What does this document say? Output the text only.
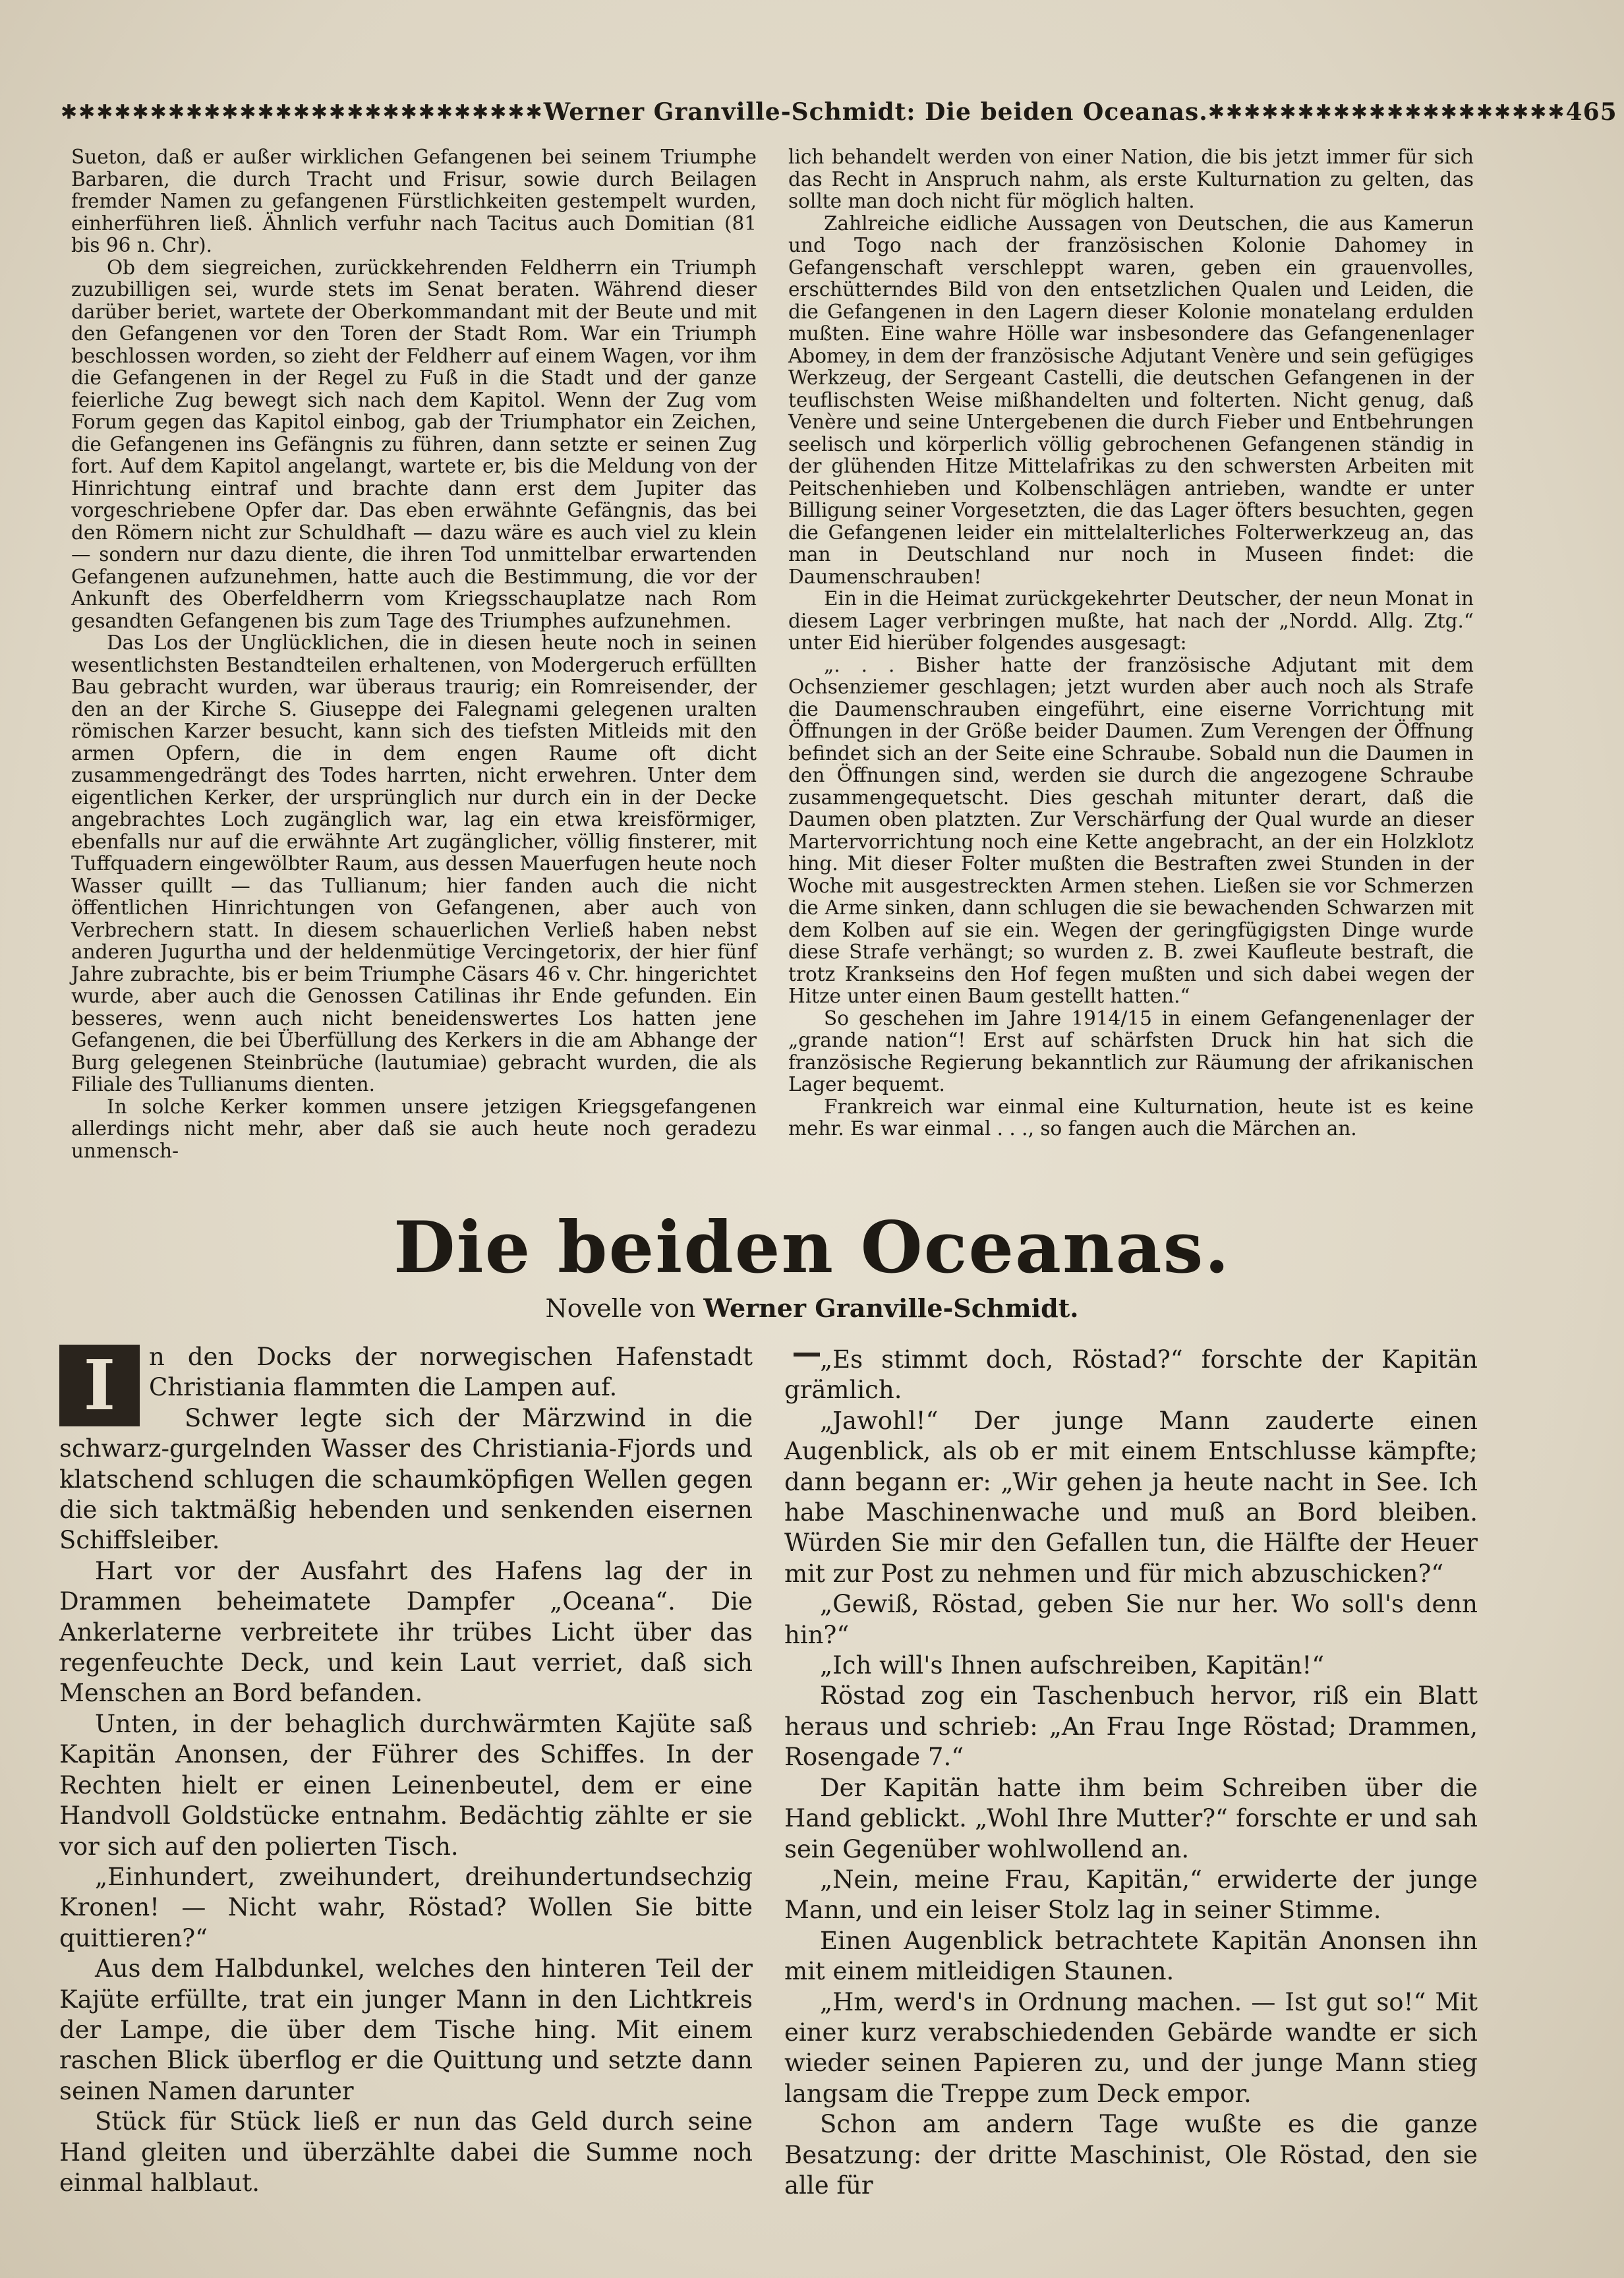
✱✱✱✱✱✱✱✱✱✱✱✱✱✱✱✱✱✱✱✱✱✱✱✱✱✱✱ Werner Granville-Schmidt: Die beiden Oceanas. ✱✱✱✱✱✱✱✱✱✱✱✱✱✱✱✱✱✱✱✱ 465

Sueton, daß er außer wirklichen Gefangenen bei seinem Triumphe Barbaren, die durch Tracht und Frisur, sowie durch Beilagen fremder Namen zu gefangenen Fürstlichkeiten gestempelt wurden, einherführen ließ. Ähnlich verfuhr nach Tacitus auch Domitian (81 bis 96 n. Chr).

Ob dem siegreichen, zurückkehrenden Feldherrn ein Triumph zuzubilligen sei, wurde stets im Senat beraten. Während dieser darüber beriet, wartete der Oberkommandant mit der Beute und mit den Gefangenen vor den Toren der Stadt Rom. War ein Triumph beschlossen worden, so zieht der Feldherr auf einem Wagen, vor ihm die Gefangenen in der Regel zu Fuß in die Stadt und der ganze feierliche Zug bewegt sich nach dem Kapitol. Wenn der Zug vom Forum gegen das Kapitol einbog, gab der Triumphator ein Zeichen, die Gefangenen ins Gefängnis zu führen, dann setzte er seinen Zug fort. Auf dem Kapitol angelangt, wartete er, bis die Meldung von der Hinrichtung eintraf und brachte dann erst dem Jupiter das vorgeschriebene Opfer dar. Das eben erwähnte Gefängnis, das bei den Römern nicht zur Schuldhaft — dazu wäre es auch viel zu klein — sondern nur dazu diente, die ihren Tod unmittelbar erwartenden Gefangenen aufzunehmen, hatte auch die Bestimmung, die vor der Ankunft des Oberfeldherrn vom Kriegsschauplatze nach Rom gesandten Gefangenen bis zum Tage des Triumphes aufzunehmen.

Das Los der Unglücklichen, die in diesen heute noch in seinen wesentlichsten Bestandteilen erhaltenen, von Modergeruch erfüllten Bau gebracht wurden, war überaus traurig; ein Romreisender, der den an der Kirche S. Giuseppe dei Falegnami gelegenen uralten römischen Karzer besucht, kann sich des tiefsten Mitleids mit den armen Opfern, die in dem engen Raume oft dicht zusammengedrängt des Todes harrten, nicht erwehren. Unter dem eigentlichen Kerker, der ursprünglich nur durch ein in der Decke angebrachtes Loch zugänglich war, lag ein etwa kreisförmiger, ebenfalls nur auf die erwähnte Art zugänglicher, völlig finsterer, mit Tuffquadern eingewölbter Raum, aus dessen Mauerfugen heute noch Wasser quillt — das Tullianum; hier fanden auch die nicht öffentlichen Hinrichtungen von Gefangenen, aber auch von Verbrechern statt. In diesem schauerlichen Verließ haben nebst anderen Jugurtha und der heldenmütige Vercingetorix, der hier fünf Jahre zubrachte, bis er beim Triumphe Cäsars 46 v. Chr. hingerichtet wurde, aber auch die Genossen Catilinas ihr Ende gefunden. Ein besseres, wenn auch nicht beneidenswertes Los hatten jene Gefangenen, die bei Überfüllung des Kerkers in die am Abhange der Burg gelegenen Steinbrüche (lautumiae) gebracht wurden, die als Filiale des Tullianums dienten.

In solche Kerker kommen unsere jetzigen Kriegsgefangenen allerdings nicht mehr, aber daß sie auch heute noch geradezu unmensch-

lich behandelt werden von einer Nation, die bis jetzt immer für sich das Recht in Anspruch nahm, als erste Kulturnation zu gelten, das sollte man doch nicht für möglich halten.

Zahlreiche eidliche Aussagen von Deutschen, die aus Kamerun und Togo nach der französischen Kolonie Dahomey in Gefangenschaft verschleppt waren, geben ein grauenvolles, erschütterndes Bild von den entsetzlichen Qualen und Leiden, die die Gefangenen in den Lagern dieser Kolonie monatelang erdulden mußten. Eine wahre Hölle war insbesondere das Gefangenenlager Abomey, in dem der französische Adjutant Venère und sein gefügiges Werkzeug, der Sergeant Castelli, die deutschen Gefangenen in der teuflischsten Weise mißhandelten und folterten. Nicht genug, daß Venère und seine Untergebenen die durch Fieber und Entbehrungen seelisch und körperlich völlig gebrochenen Gefangenen ständig in der glühenden Hitze Mittelafrikas zu den schwersten Arbeiten mit Peitschenhieben und Kolbenschlägen antrieben, wandte er unter Billigung seiner Vorgesetzten, die das Lager öfters besuchten, gegen die Gefangenen leider ein mittelalterliches Folterwerkzeug an, das man in Deutschland nur noch in Museen findet: die Daumenschrauben!

Ein in die Heimat zurückgekehrter Deutscher, der neun Monat in diesem Lager verbringen mußte, hat nach der „Nordd. Allg. Ztg.“ unter Eid hierüber folgendes ausgesagt:

„. . . Bisher hatte der französische Adjutant mit dem Ochsenziemer geschlagen; jetzt wurden aber auch noch als Strafe die Daumenschrauben eingeführt, eine eiserne Vorrichtung mit Öffnungen in der Größe beider Daumen. Zum Verengen der Öffnung befindet sich an der Seite eine Schraube. Sobald nun die Daumen in den Öffnungen sind, werden sie durch die angezogene Schraube zusammengequetscht. Dies geschah mitunter derart, daß die Daumen oben platzten. Zur Verschärfung der Qual wurde an dieser Martervorrichtung noch eine Kette angebracht, an der ein Holzklotz hing. Mit dieser Folter mußten die Bestraften zwei Stunden in der Woche mit ausgestreckten Armen stehen. Ließen sie vor Schmerzen die Arme sinken, dann schlugen die sie bewachenden Schwarzen mit dem Kolben auf sie ein. Wegen der geringfügigsten Dinge wurde diese Strafe verhängt; so wurden z. B. zwei Kaufleute bestraft, die trotz Krankseins den Hof fegen mußten und sich dabei wegen der Hitze unter einen Baum gestellt hatten.“

So geschehen im Jahre 1914/15 in einem Gefangenenlager der „grande nation“! Erst auf schärfsten Druck hin hat sich die französische Regierung bekanntlich zur Räumung der afrikanischen Lager bequemt.

Frankreich war einmal eine Kulturnation, heute ist es keine mehr. Es war einmal . . ., so fangen auch die Märchen an.

Die beiden Oceanas.
Novelle von Werner Granville-Schmidt.

I	n den Docks der norwegischen Hafenstadt Christiania flammten die Lampen auf.

Schwer legte sich der Märzwind in die schwarz-gurgelnden Wasser des Christiania-Fjords und klatschend schlugen die schaumköpfigen Wellen gegen die sich taktmäßig hebenden und senkenden eisernen Schiffsleiber.

Hart vor der Ausfahrt des Hafens lag der in Drammen beheimatete Dampfer „Oceana“. Die Ankerlaterne verbreitete ihr trübes Licht über das regenfeuchte Deck, und kein Laut verriet, daß sich Menschen an Bord befanden.

Unten, in der behaglich durchwärmten Kajüte saß Kapitän Anonsen, der Führer des Schiffes. In der Rechten hielt er einen Leinenbeutel, dem er eine Handvoll Goldstücke entnahm. Bedächtig zählte er sie vor sich auf den polierten Tisch.

„Einhundert, zweihundert, dreihundertundsechzig Kronen! — Nicht wahr, Röstad? Wollen Sie bitte quittieren?“

Aus dem Halbdunkel, welches den hinteren Teil der Kajüte erfüllte, trat ein junger Mann in den Lichtkreis der Lampe, die über dem Tische hing. Mit einem raschen Blick überflog er die Quittung und setzte dann seinen Namen darunter

Stück für Stück ließ er nun das Geld durch seine Hand gleiten und überzählte dabei die Summe noch einmal halblaut.

„Es stimmt doch, Röstad?“ forschte der Kapitän grämlich.

„Jawohl!“ Der junge Mann zauderte einen Augenblick, als ob er mit einem Entschlusse kämpfte; dann begann er: „Wir gehen ja heute nacht in See. Ich habe Maschinenwache und muß an Bord bleiben. Würden Sie mir den Gefallen tun, die Hälfte der Heuer mit zur Post zu nehmen und für mich abzuschicken?“

„Gewiß, Röstad, geben Sie nur her. Wo soll's denn hin?“

„Ich will's Ihnen aufschreiben, Kapitän!“

Röstad zog ein Taschenbuch hervor, riß ein Blatt heraus und schrieb: „An Frau Inge Röstad; Drammen, Rosengade 7.“

Der Kapitän hatte ihm beim Schreiben über die Hand geblickt. „Wohl Ihre Mutter?“ forschte er und sah sein Gegenüber wohlwollend an.

„Nein, meine Frau, Kapitän,“ erwiderte der junge Mann, und ein leiser Stolz lag in seiner Stimme.

Einen Augenblick betrachtete Kapitän Anonsen ihn mit einem mitleidigen Staunen.

„Hm, werd's in Ordnung machen. — Ist gut so!“ Mit einer kurz verabschiedenden Gebärde wandte er sich wieder seinen Papieren zu, und der junge Mann stieg langsam die Treppe zum Deck empor.

Schon am andern Tage wußte es die ganze Besatzung: der dritte Maschinist, Ole Röstad, den sie alle für
